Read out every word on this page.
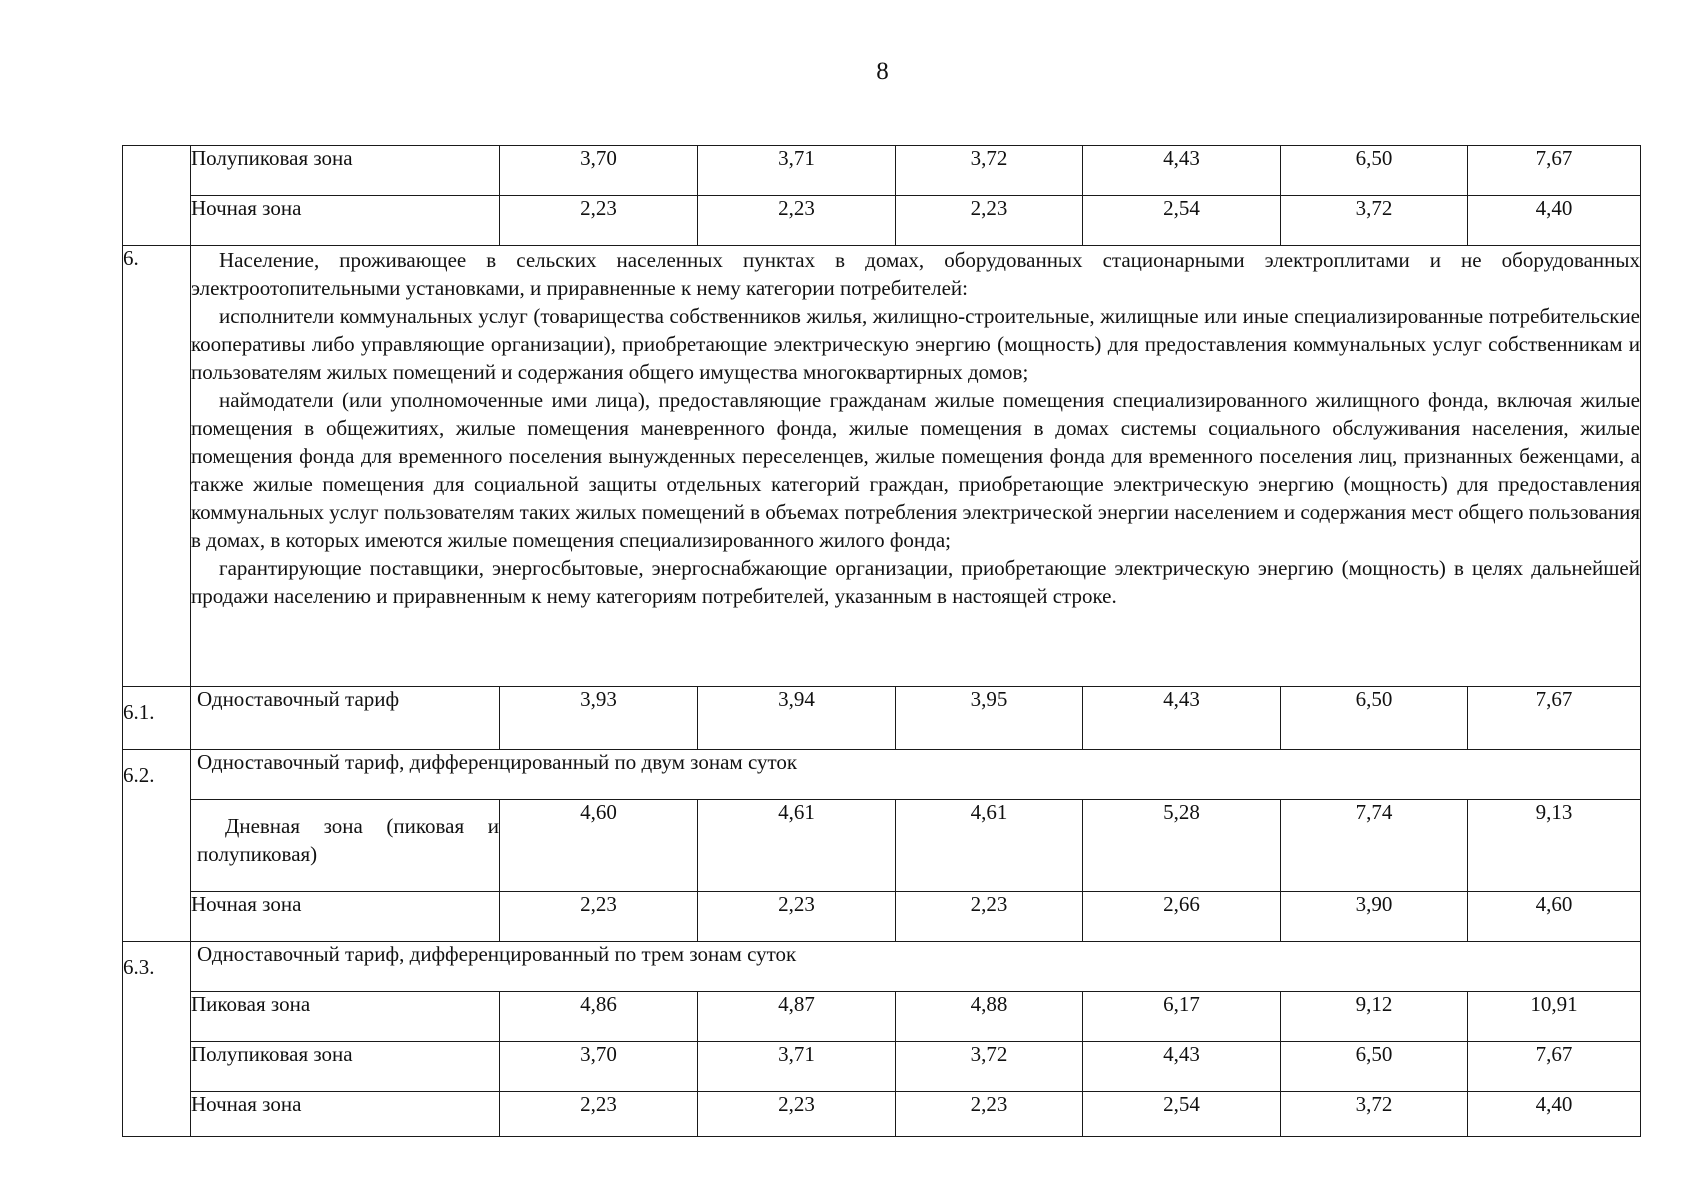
8
	Полупиковая зона	3,70	3,71	3,72	4,43	6,50	7,67
	Ночная зона	2,23	2,23	2,23	2,54	3,72	4,40
6.	Население, проживающее в сельских населенных пунктах в домах, оборудованных стационарными электроплитами и не оборудованных электроотопительными установками, и приравненные к нему категории потребителей:

исполнители коммунальных услуг (товарищества собственников жилья, жилищно-строительные, жилищные или иные специализированные потребительские кооперативы либо управляющие организации), приобретающие электрическую энергию (мощность) для предоставления коммунальных услуг собственникам и пользователям жилых помещений и содержания общего имущества многоквартирных домов;

наймодатели (или уполномоченные ими лица), предоставляющие гражданам жилые помещения специализированного жилищного фонда, включая жилые помещения в общежитиях, жилые помещения маневренного фонда, жилые помещения в домах системы социального обслуживания населения, жилые помещения фонда для временного поселения вынужденных переселенцев, жилые помещения фонда для временного поселения лиц, признанных беженцами, а также жилые помещения для социальной защиты отдельных категорий граждан, приобретающие электрическую энергию (мощность) для предоставления коммунальных услуг пользователям таких жилых помещений в объемах потребления электрической энергии населением и содержания мест общего пользования в домах, в которых имеются жилые помещения специализированного жилого фонда;

гарантирующие поставщики, энергосбытовые, энергоснабжающие организации, приобретающие электрическую энергию (мощность) в целях дальнейшей продажи населению и приравненным к нему категориям потребителей, указанным в настоящей строке.						

6.1.	Одноставочный тариф	3,93	3,94	3,95	4,43	6,50	7,67
6.2.	Одноставочный тариф, дифференцированный по двум зонам суток						
	Дневная зона (пиковая и полупиковая)	4,60	4,61	4,61	5,28	7,74	9,13
	Ночная зона	2,23	2,23	2,23	2,66	3,90	4,60
6.3.	Одноставочный тариф, дифференцированный по трем зонам суток						
	Пиковая зона	4,86	4,87	4,88	6,17	9,12	10,91
	Полупиковая зона	3,70	3,71	3,72	4,43	6,50	7,67
	Ночная зона	2,23	2,23	2,23	2,54	3,72	4,40
